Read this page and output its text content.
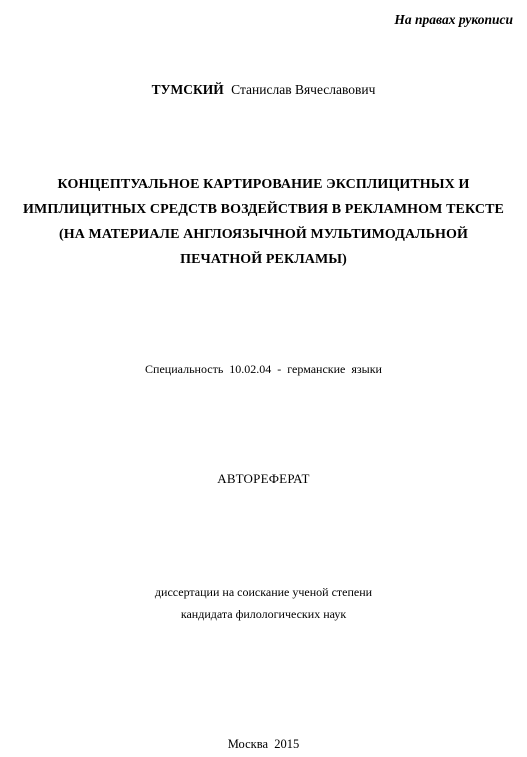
На правах рукописи
ТУМСКИЙ Станислав Вячеславович
КОНЦЕПТУАЛЬНОЕ КАРТИРОВАНИЕ ЭКСПЛИЦИТНЫХ И
ИМПЛИЦИТНЫХ СРЕДСТВ ВОЗДЕЙСТВИЯ В РЕКЛАМНОМ ТЕКСТЕ
(НА МАТЕРИАЛЕ АНГЛОЯЗЫЧНОЙ МУЛЬТИМОДАЛЬНОЙ
ПЕЧАТНОЙ РЕКЛАМЫ)
Специальность  10.02.04  -  германские  языки
АВТОРЕФЕРАТ
диссертации на соискание ученой степени
кандидата филологических наук
Москва  2015
